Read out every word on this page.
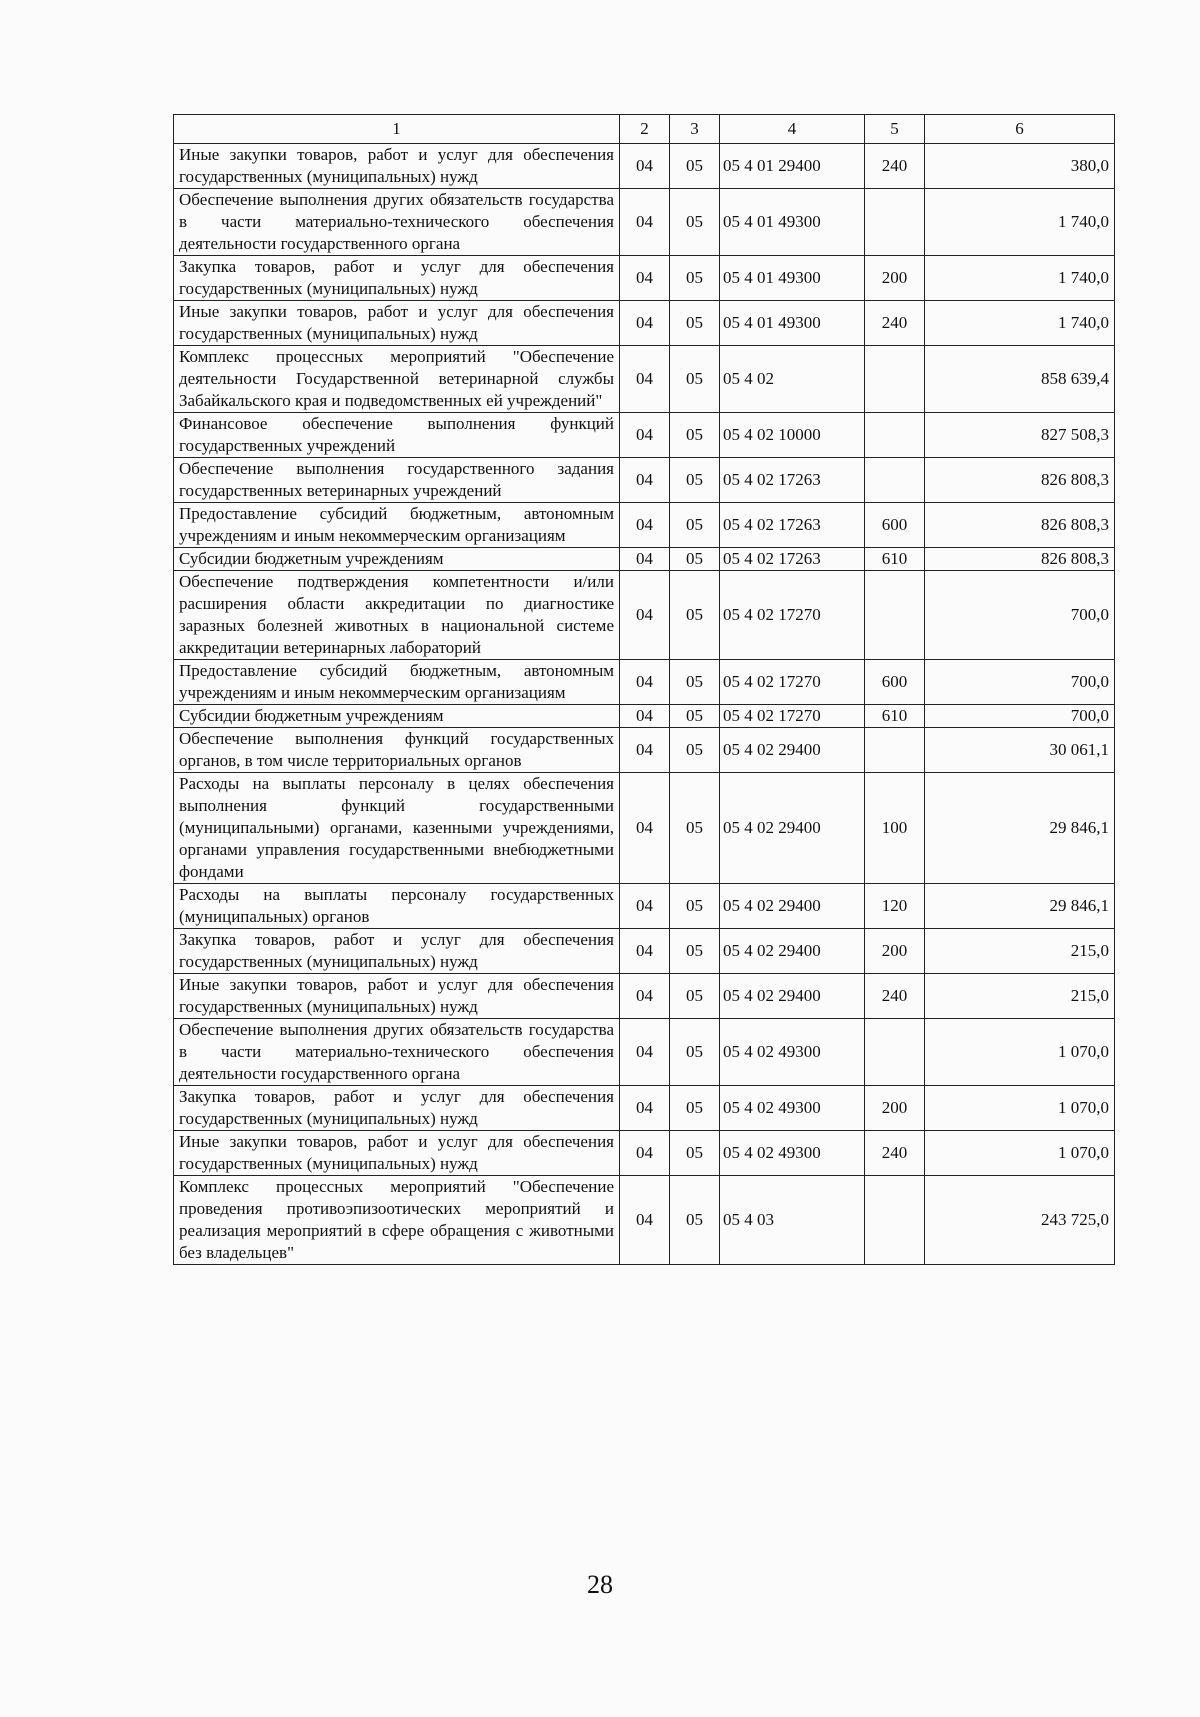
1	2	3	4	5	6
Иные закупки товаров, работ и услуг для обеспечения государственных (муниципальных) нужд	04	05	05 4 01 29400	240	380,0
Обеспечение выполнения других обязательств государства в части материально-технического обеспечения деятельности государственного органа	04	05	05 4 01 49300		1 740,0
Закупка товаров, работ и услуг для обеспечения государственных (муниципальных) нужд	04	05	05 4 01 49300	200	1 740,0
Иные закупки товаров, работ и услуг для обеспечения государственных (муниципальных) нужд	04	05	05 4 01 49300	240	1 740,0
Комплекс процессных мероприятий "Обеспечение деятельности Государственной ветеринарной службы Забайкальского края и подведомственных ей учреждений"	04	05	05 4 02		858 639,4
Финансовое обеспечение выполнения функций государственных учреждений	04	05	05 4 02 10000		827 508,3
Обеспечение выполнения государственного задания государственных ветеринарных учреждений	04	05	05 4 02 17263		826 808,3
Предоставление субсидий бюджетным, автономным учреждениям и иным некоммерческим организациям	04	05	05 4 02 17263	600	826 808,3
Субсидии бюджетным учреждениям	04	05	05 4 02 17263	610	826 808,3
Обеспечение подтверждения компетентности и/или расширения области аккредитации по диагностике заразных болезней животных в национальной системе аккредитации ветеринарных лабораторий	04	05	05 4 02 17270		700,0
Предоставление субсидий бюджетным, автономным учреждениям и иным некоммерческим организациям	04	05	05 4 02 17270	600	700,0
Субсидии бюджетным учреждениям	04	05	05 4 02 17270	610	700,0
Обеспечение выполнения функций государственных органов, в том числе территориальных органов	04	05	05 4 02 29400		30 061,1
Расходы на выплаты персоналу в целях обеспечения выполнения функций государственными (муниципальными) органами, казенными учреждениями, органами управления государственными внебюджетными фондами	04	05	05 4 02 29400	100	29 846,1
Расходы на выплаты персоналу государственных (муниципальных) органов	04	05	05 4 02 29400	120	29 846,1
Закупка товаров, работ и услуг для обеспечения государственных (муниципальных) нужд	04	05	05 4 02 29400	200	215,0
Иные закупки товаров, работ и услуг для обеспечения государственных (муниципальных) нужд	04	05	05 4 02 29400	240	215,0
Обеспечение выполнения других обязательств государства в части материально-технического обеспечения деятельности государственного органа	04	05	05 4 02 49300		1 070,0
Закупка товаров, работ и услуг для обеспечения государственных (муниципальных) нужд	04	05	05 4 02 49300	200	1 070,0
Иные закупки товаров, работ и услуг для обеспечения государственных (муниципальных) нужд	04	05	05 4 02 49300	240	1 070,0
Комплекс процессных мероприятий "Обеспечение проведения противоэпизоотических мероприятий и реализация мероприятий в сфере обращения с животными без владельцев"	04	05	05 4 03		243 725,0
28
